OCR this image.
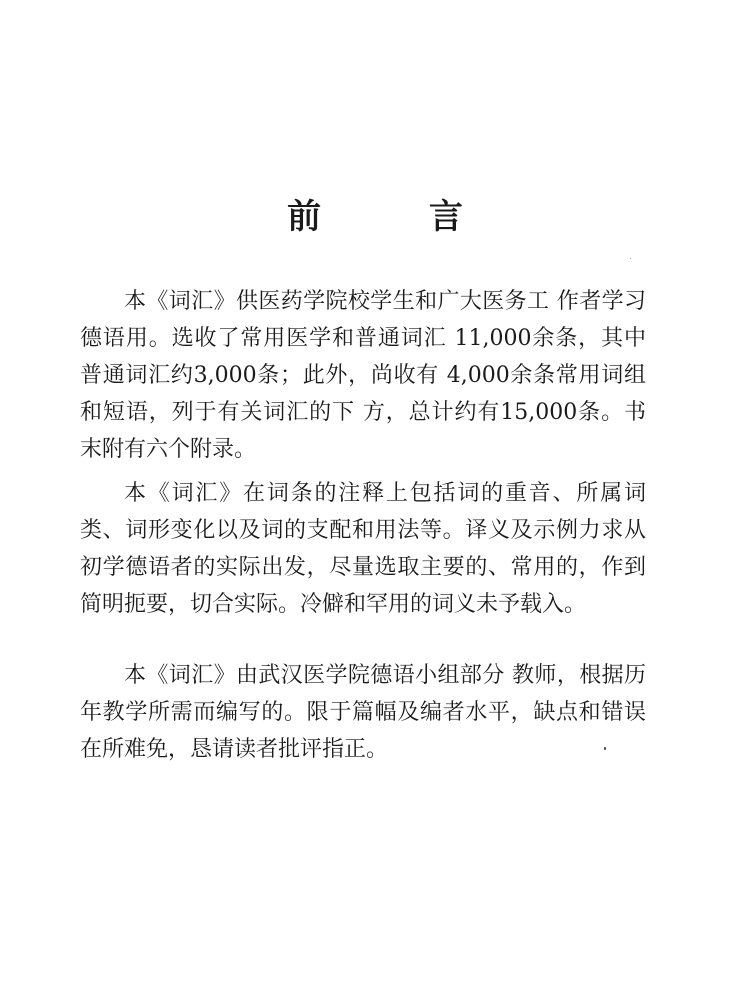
前 言
本《词汇》供医药学院校学生和广大医务工 作者学习德语用。选收了常用医学和普通词汇 11,000余条，其中普通词汇约3,000条；此外，尚收有 4,000余条常用词组和短语，列于有关词汇的下 方，总计约有15,000条。书末附有六个附录。
本《词汇》在词条的注释上包括词的重音、所属词类、词形变化以及词的支配和用法等。译义及示例力求从初学德语者的实际出发，尽量选取主要的、常用的，作到简明扼要，切合实际。冷僻和罕用的词义未予载入。
本《词汇》由武汉医学院德语小组部分 教师，根据历年教学所需而编写的。限于篇幅及编者水平，缺点和错误在所难免，恳请读者批评指正。
